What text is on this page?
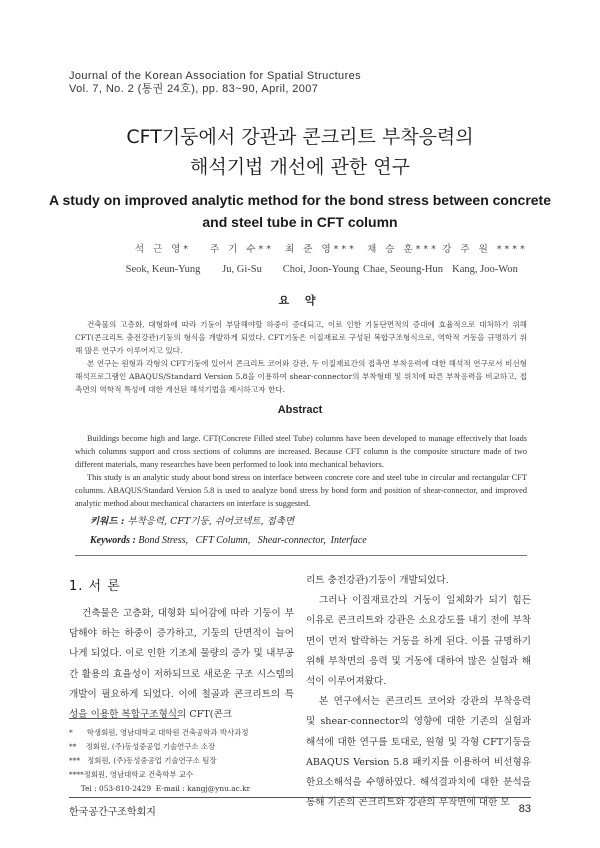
Journal of the Korean Association for Spatial Structures
Vol. 7, No. 2 (통권 24호), pp. 83~90, April, 2007
CFT기둥에서 강관과 콘크리트 부착응력의
해석기법 개선에 관한 연구
A study on improved analytic method for the bond stress between concrete
and steel tube in CFT column
석 근 영*
Seok, Keun-Yung
주 기 수**
Ju, Gi-Su
최 준 영***
Choi, Joon-Young
채 승 훈***
Chae, Seoung-Hun
강 주 원 ****
Kang, Joo-Won
요 약

건축물의 고층화, 대형화에 따라 기둥이 부담해야할 하중이 증대되고, 이로 인한 기둥단면적의 증대에 효율적으로 대처하기 위해 CFT(콘크리트 충전강관)기둥의 형식을 개발하게 되었다. CFT기둥은 이질재료로 구성된 복합구조형식으로, 역학적 거동을 규명하기 위해 많은 연구가 이루어지고 있다.

본 연구는 원형과 각형의 CFT기둥에 있어서 콘크리트 코어와 강관, 두 이질재료간의 접촉면 부착응력에 대한 해석적 연구로서 비선형 해석프로그램인 ABAQUS/Standard Version 5.8을 이용하여 shear-connector의 부착형태 및 위치에 따른 부착응력을 비교하고, 접촉면의 역학적 특성에 대한 개선된 해석기법을 제시하고자 한다.

Abstract

Buildings become high and large. CFT(Concrete Filled steel Tube) columns have been developed to manage effectively that loads which columns support and cross sections of columns are increased. Because CFT column is the composite structure made of two different materials, many researches have been performed to look into mechanical behaviors.

This study is an analytic study about bond stress on interface between concrete core and steel tube in circular and rectangular CFT columns. ABAQUS/Standard Version 5.8 is used to analyze bond stress by bond form and position of shear-connector, and improved analytic method about mechanical characters on interface is suggested.

키워드 : 부착응력, CFT기둥, 쉬어코넥트, 접촉면
Keywords : Bond Stress,   CFT Column,   Shear-connector,  Interface
1. 서 론

건축물은 고층화, 대형화 되어감에 따라 기둥이 부담해야 하는 하중이 증가하고, 기둥의 단면적이 늘어나게 되었다. 이로 인한 기조체 물량의 증가 및 내부공간 활용의 효율성이 저하되므로 새로운 구조 시스템의 개발이 필요하게 되었다. 이에 철골과 콘크리트의 특성을 이용한 복합구조형식의 CFT(콘크

리트 충전강관)기둥이 개발되었다.

그러나 이질재료간의 거동이 일체화가 되기 힘든 이유로 콘크리트와 강관은 소요강도를 내기 전에 부착면이 먼저 탈락하는 거동을 하게 된다. 이를 규명하기 위해 부착면의 응력 및 거동에 대하여 많은 실험과 해석이 이루어져왔다.

본 연구에서는 콘크리트 코어와 강관의 부착응력 및 shear-connector의 영향에 대한 기존의 실험과 해석에 대한 연구를 토대로, 원형 및 각형 CFT기둥을 ABAQUS Version 5.8 패키지를 이용하여 비선형유한요소해석을 수행하였다. 해석결과치에 대한 분석을 통해 기존의 콘크리트와 강관의 부착면에 대한 모

*      학생회원, 영남대학교 대학원 건축공학과 박사과정
**    정회원, (주)동성중공업 기술연구소 소장
***   정회원, (주)동성중공업 기술연구소 팀장
****정회원, 영남대학교 건축학부 교수
Tel : 053-810-2429  E-mail : kangj@ynu.ac.kr
한국공간구조학회지	83
